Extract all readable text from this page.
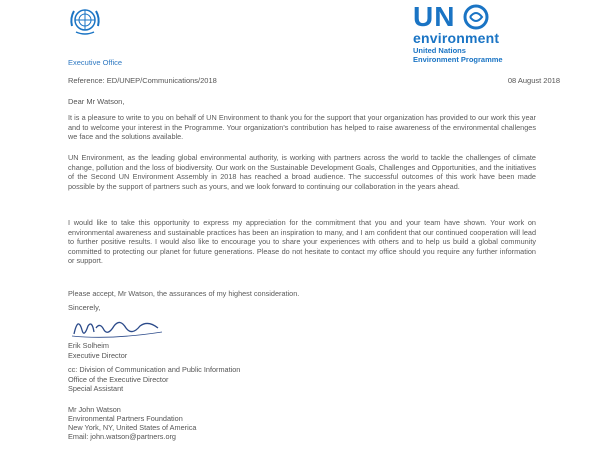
UN
environment
United Nations
Environment Programme
Executive Office
Reference: ED/UNEP/Communications/2018	08 August 2018
Dear Mr Watson,
It is a pleasure to write to you on behalf of UN Environment to thank you for the support that your organization has provided to our work this year and to welcome your interest in the Programme. Your organization's contribution has helped to raise awareness of the environmental challenges we face and the solutions available.
UN Environment, as the leading global environmental authority, is working with partners across the world to tackle the challenges of climate change, pollution and the loss of biodiversity. Our work on the Sustainable Development Goals, Challenges and Opportunities, and the initiatives of the Second UN Environment Assembly in 2018 has reached a broad audience. The successful outcomes of this work have been made possible by the support of partners such as yours, and we look forward to continuing our collaboration in the years ahead.
I would like to take this opportunity to express my appreciation for the commitment that you and your team have shown. Your work on environmental awareness and sustainable practices has been an inspiration to many, and I am confident that our continued cooperation will lead to further positive results. I would also like to encourage you to share your experiences with others and to help us build a global community committed to protecting our planet for future generations. Please do not hesitate to contact my office should you require any further information or support.
Please accept, Mr Watson, the assurances of my highest consideration.
Sincerely,
Erik Solheim
Executive Director
cc: Division of Communication and Public Information
Office of the Executive Director
Special Assistant
Mr John Watson
Environmental Partners Foundation
New York, NY, United States of America
Email: john.watson@partners.org
